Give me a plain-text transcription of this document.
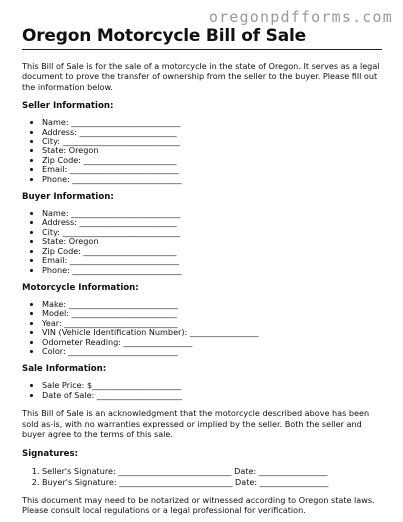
oregonpdfforms.com
Oregon Motorcycle Bill of Sale

This Bill of Sale is for the sale of a motorcycle in the state of Oregon. It serves as a legal document to prove the transfer of ownership from the seller to the buyer. Please fill out the information below.

Seller Information:
• Name: ___________________________
• Address: ________________________
• City: _____________________________
• State: Oregon
• Zip Code: _______________________
• Email: ___________________________
• Phone: ___________________________
Buyer Information:
• Name: ___________________________
• Address: ________________________
• City: _____________________________
• State: Oregon
• Zip Code: _______________________
• Email: ___________________________
• Phone: ___________________________
Motorcycle Information:
• Make: ___________________________
• Model: __________________________
• Year: ____________________________
• VIN (Vehicle Identification Number): _________________
• Odometer Reading: _________________
• Color: ___________________________
Sale Information:
• Sale Price: $______________________
• Date of Sale: _____________________

This Bill of Sale is an acknowledgment that the motorcycle described above has been sold as-is, with no warranties expressed or implied by the seller. Both the seller and buyer agree to the terms of this sale.

Signatures:
1. Seller's Signature: ____________________________ Date: _________________
2. Buyer's Signature: ____________________________ Date: _________________

This document may need to be notarized or witnessed according to Oregon state laws. Please consult local regulations or a legal professional for verification.
